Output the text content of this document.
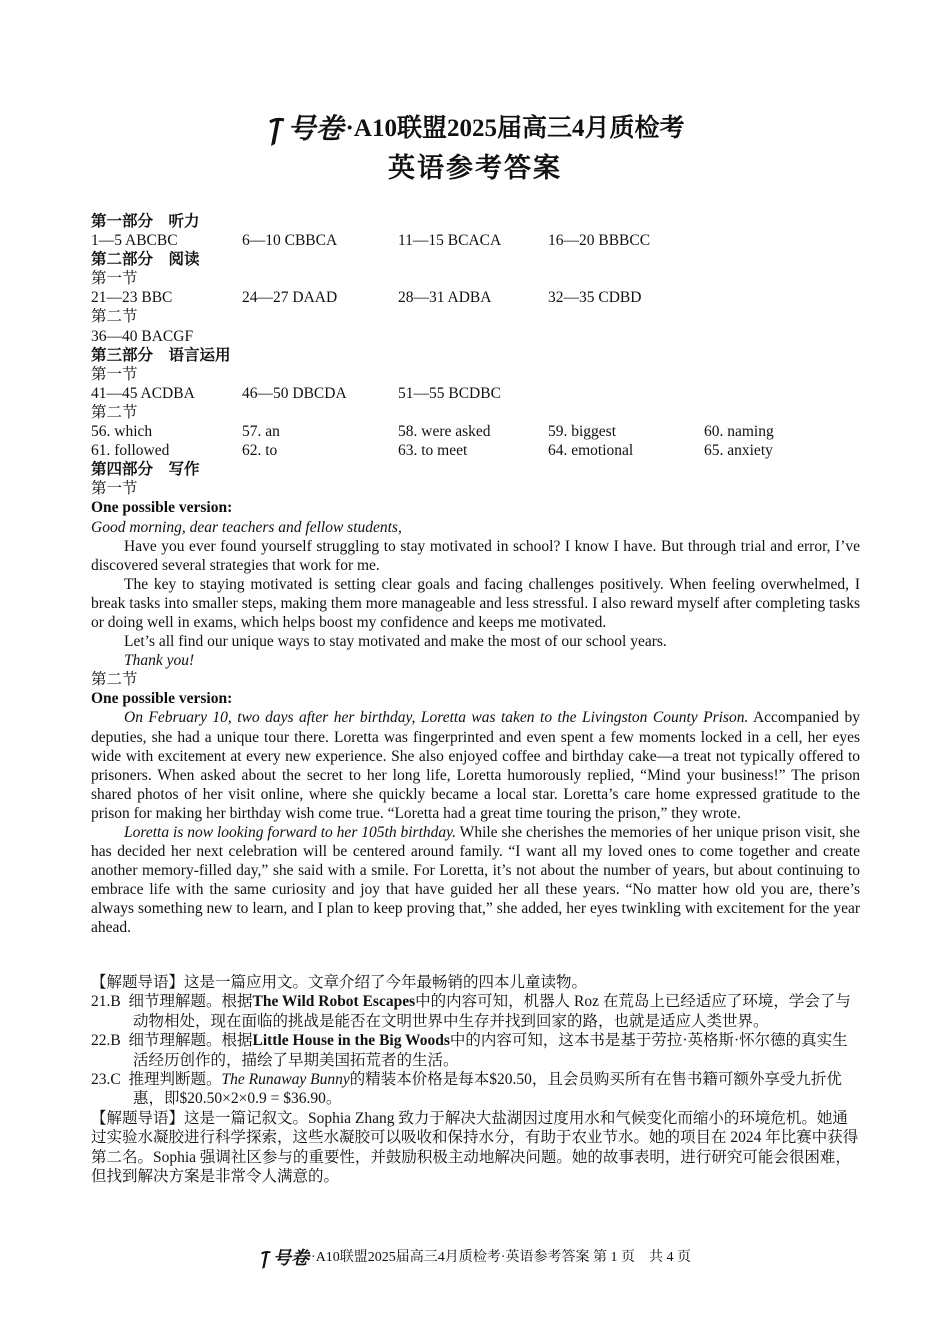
号卷·A10联盟2025届高三4月质检考
英语参考答案
第一部分　听力
1—5 ABCBC	6—10 CBBCA	11—15 BCACA	16—20 BBBCC
第二部分　阅读
第一节
21—23 BBC	24—27 DAAD	28—31 ADBA	32—35 CDBD
第二节
36—40 BACGF
第三部分　语言运用
第一节
41—45 ACDBA	46—50 DBCDA	51—55 BCDBC
第二节
56. which	57. an	58. were asked	59. biggest	60. naming
61. followed	62. to	63. to meet	64. emotional	65. anxiety
第四部分　写作
第一节
One possible version:
Good morning, dear teachers and fellow students,
Have you ever found yourself struggling to stay motivated in school? I know I have. But through trial and error, I’ve discovered several strategies that work for me.
The key to staying motivated is setting clear goals and facing challenges positively. When feeling overwhelmed, I break tasks into smaller steps, making them more manageable and less stressful. I also reward myself after completing tasks or doing well in exams, which helps boost my confidence and keeps me motivated.
Let’s all find our unique ways to stay motivated and make the most of our school years.
Thank you!
第二节
One possible version:
On February 10, two days after her birthday, Loretta was taken to the Livingston County Prison. Accompanied by deputies, she had a unique tour there. Loretta was fingerprinted and even spent a few moments locked in a cell, her eyes wide with excitement at every new experience. She also enjoyed coffee and birthday cake—a treat not typically offered to prisoners. When asked about the secret to her long life, Loretta humorously replied, “Mind your business!” The prison shared photos of her visit online, where she quickly became a local star. Loretta’s care home expressed gratitude to the prison for making her birthday wish come true. “Loretta had a great time touring the prison,” they wrote.
Loretta is now looking forward to her 105th birthday. While she cherishes the memories of her unique prison visit, she has decided her next celebration will be centered around family. “I want all my loved ones to come together and create another memory-filled day,” she said with a smile. For Loretta, it’s not about the number of years, but about continuing to embrace life with the same curiosity and joy that have guided her all these years. “No matter how old you are, there’s always something new to learn, and I plan to keep proving that,” she added, her eyes twinkling with excitement for the year ahead.
【解题导语】这是一篇应用文。文章介绍了今年最畅销的四本儿童读物。
21.B 细节理解题。根据The Wild Robot Escapes中的内容可知，机器人 Roz 在荒岛上已经适应了环境，学会了与动物相处，现在面临的挑战是能否在文明世界中生存并找到回家的路，也就是适应人类世界。
22.B 细节理解题。根据Little House in the Big Woods中的内容可知，这本书是基于劳拉·英格斯·怀尔德的真实生活经历创作的，描绘了早期美国拓荒者的生活。
23.C 推理判断题。The Runaway Bunny的精装本价格是每本$20.50，且会员购买所有在售书籍可额外享受九折优惠，即$20.50×2×0.9 = $36.90。
【解题导语】这是一篇记叙文。Sophia Zhang 致力于解决大盐湖因过度用水和气候变化而缩小的环境危机。她通过实验水凝胶进行科学探索，这些水凝胶可以吸收和保持水分，有助于农业节水。她的项目在 2024 年比赛中获得第二名。Sophia 强调社区参与的重要性，并鼓励积极主动地解决问题。她的故事表明，进行研究可能会很困难，但找到解决方案是非常令人满意的。
号卷 ·A10联盟2025届高三4月质检考·英语参考答案 第 1 页　共 4 页
